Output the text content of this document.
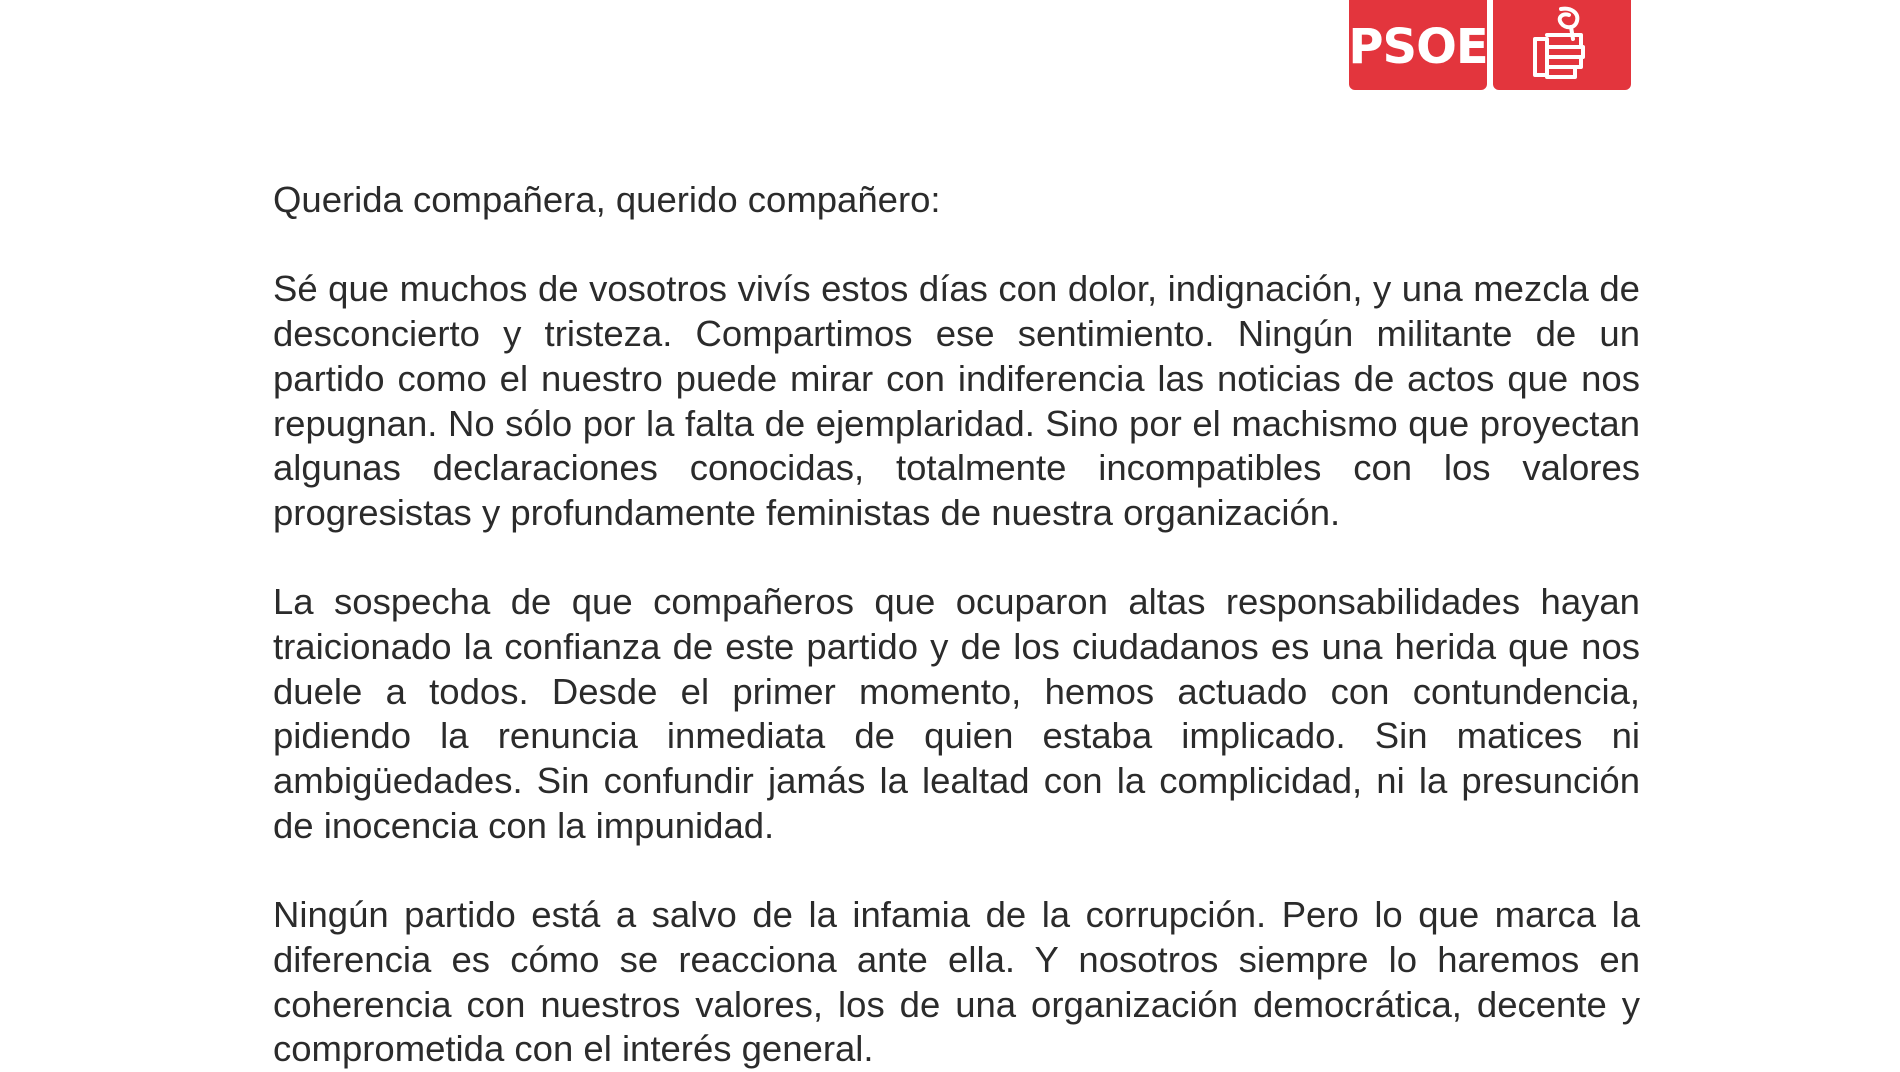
PSOE

Querida compañera, querido compañero:

Sé que muchos de vosotros vivís estos días con dolor, indignación, y una mezcla de desconcierto y tristeza. Compartimos ese sentimiento. Ningún militante de un partido como el nuestro puede mirar con indiferencia las noticias de actos que nos repugnan. No sólo por la falta de ejemplaridad. Sino por el machismo que proyectan algunas declaraciones conocidas, totalmente incompatibles con los valores progresistas y profundamente feministas de nuestra organización.

La sospecha de que compañeros que ocuparon altas responsabilidades hayan traicionado la confianza de este partido y de los ciudadanos es una herida que nos duele a todos. Desde el primer momento, hemos actuado con contundencia, pidiendo la renuncia inmediata de quien estaba implicado. Sin matices ni ambigüedades. Sin confundir jamás la lealtad con la complicidad, ni la presunción de inocencia con la impunidad.

Ningún partido está a salvo de la infamia de la corrupción. Pero lo que marca la diferencia es cómo se reacciona ante ella. Y nosotros siempre lo haremos en coherencia con nuestros valores, los de una organización democrática, decente y comprometida con el interés general.
